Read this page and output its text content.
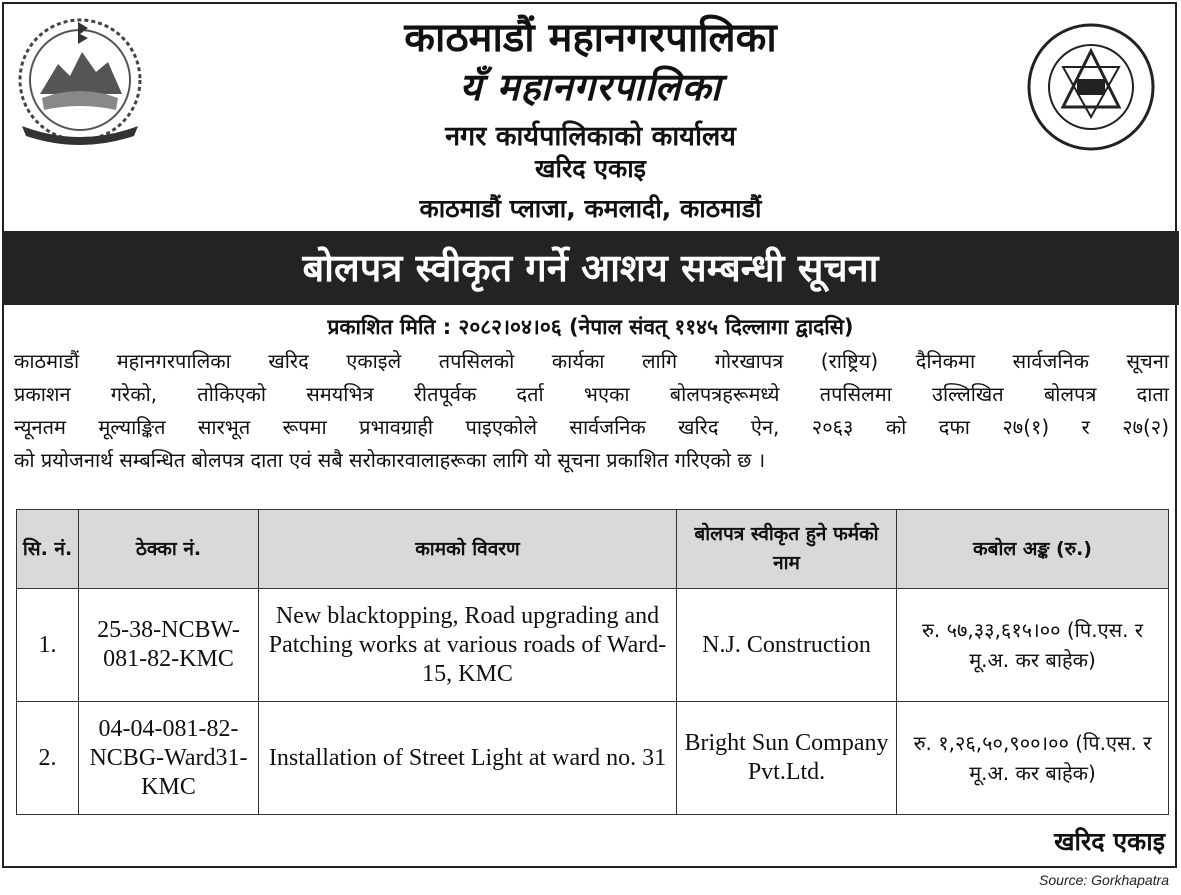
काठमाडौं महानगरपालिका
यँ महानगरपालिका
नगर कार्यपालिकाको कार्यालय
खरिद एकाइ
काठमाडौं प्लाजा, कमलादी, काठमाडौं
बोलपत्र स्वीकृत गर्ने आशय सम्बन्धी सूचना
प्रकाशित मिति : २०८२।०४।०६ (नेपाल संवत् ११४५ दिल्लागा द्वादसि)
काठमाडौं महानगरपालिका खरिद एकाइले तपसिलको कार्यका लागि गोरखापत्र (राष्ट्रिय) दैनिकमा सार्वजनिक सूचना
प्रकाशन गरेको, तोकिएको समयभित्र रीतपूर्वक दर्ता भएका बोलपत्रहरूमध्ये तपसिलमा उल्लिखित बोलपत्र दाता
न्यूनतम मूल्याङ्कित सारभूत रूपमा प्रभावग्राही पाइएकोले सार्वजनिक खरिद ऐन, २०६३ को दफा २७(१) र २७(२)
को प्रयोजनार्थ सम्बन्धित बोलपत्र दाता एवं सबै सरोकारवालाहरूका लागि यो सूचना प्रकाशित गरिएको छ ।
सि. नं.	ठेक्का नं.	कामको विवरण	बोलपत्र स्वीकृत हुने फर्मको नाम	कबोल अङ्क (रु.)
1.	25-38-NCBW-081-82-KMC	New blacktopping, Road upgrading and Patching works at various roads of Ward-15, KMC	N.J. Construction	रु. ५७,३३,६१५।०० (पि.एस. र मू.अ. कर बाहेक)
2.	04-04-081-82-NCBG-Ward31-KMC	Installation of Street Light at ward no. 31	Bright Sun Company Pvt.Ltd.	रु. १,२६,५०,९००।०० (पि.एस. र मू.अ. कर बाहेक)
खरिद एकाइ
Source: Gorkhapatra
